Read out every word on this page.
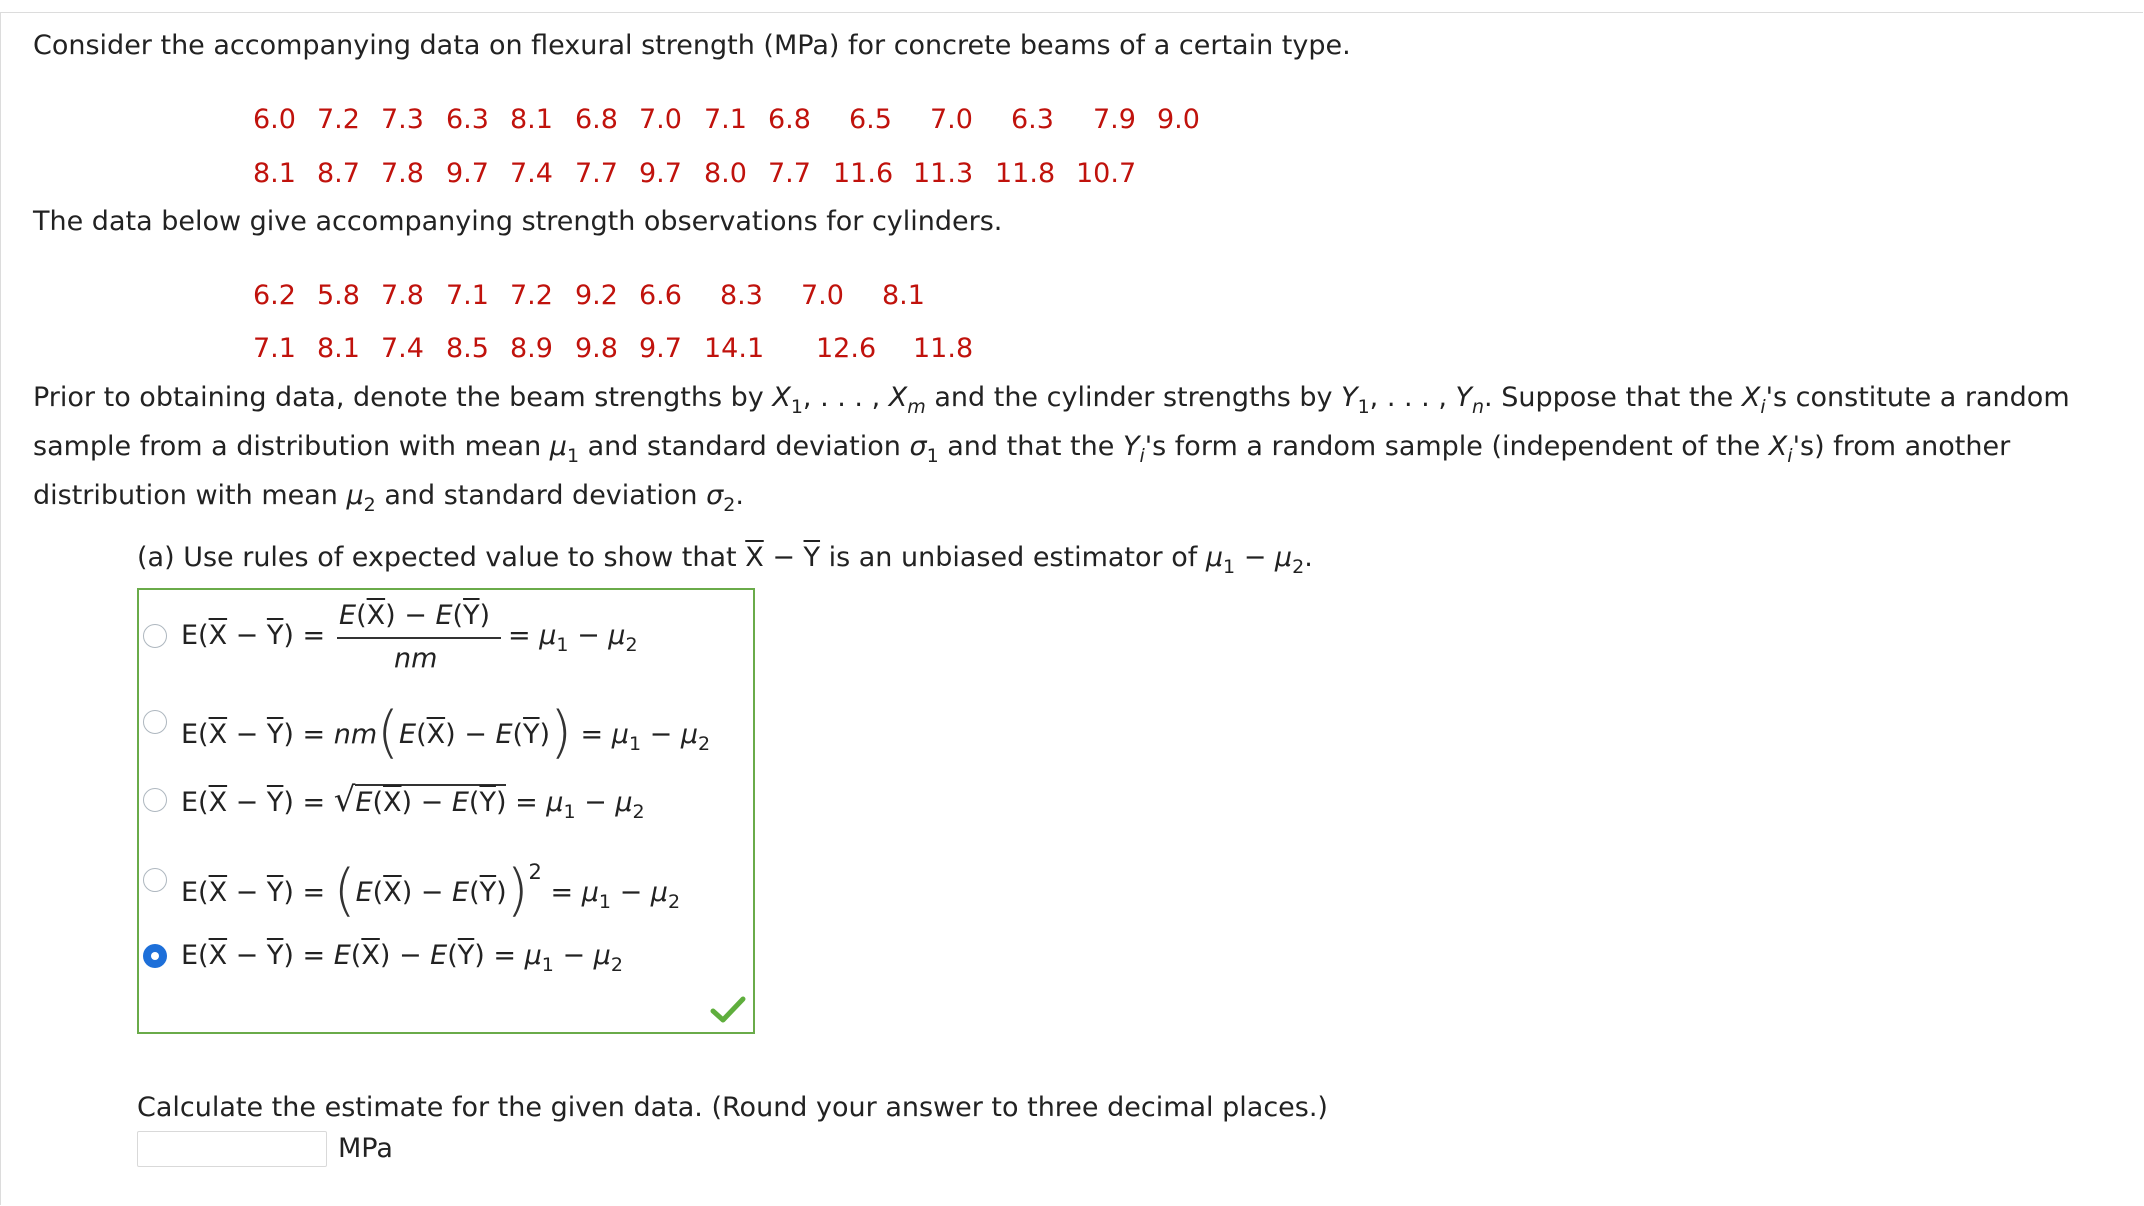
Consider the accompanying data on flexural strength (MPa) for concrete beams of a certain type.
6.0 7.2 7.3 6.3 8.1 6.8 7.0 7.1 6.8 6.5 7.0 6.3 7.9 9.0
8.1 8.7 7.8 9.7 7.4 7.7 9.7 8.0 7.7 11.6 11.3 11.8 10.7
The data below give accompanying strength observations for cylinders.
6.2 5.8 7.8 7.1 7.2 9.2 6.6 8.3 7.0 8.1
7.1 8.1 7.4 8.5 8.9 9.8 9.7 14.1 12.6 11.8
Prior to obtaining data, denote the beam strengths by $X_1$, . . . , $X_m$ and the cylinder strengths by $Y_1$, . . . , $Y_n$. Suppose that the $X_i's$ constitute a random
sample from a distribution with mean $\mu_1$ and standard deviation $\sigma_1$ and that the $Y_i's$ form a random sample (independent of the $X_i's$) from another
distribution with mean $\mu_2$ and standard deviation $\sigma_2$.
(a) Use rules of expected value to show that $\overline{X} - \overline{Y}$ is an unbiased estimator of $\mu_1 - \mu_2$.
$E(\overline{X} - \overline{Y})$ =
$E(\overline{X}) - E(\overline{Y})$
nm
= $\mu_1 - \mu_2$
$E(\overline{X} - \overline{Y}) = nm(E(\overline{X}) - E(\overline{Y})) = \mu_1 - \mu_2$
$E(\overline{X} - \overline{Y}) = √E(\overline{X}) - E(\overline{Y}) = \mu_1 - \mu_2$
$E(\overline{X} - \overline{Y}) = (E(\overline{X}) - E(\overline{Y}))^2 = \mu_1 - \mu_2$
$E(\overline{X} - \overline{Y}) = E(\overline{X}) - E(\overline{Y}) = \mu_1 - \mu_2$
Calculate the estimate for the given data. (Round your answer to three decimal places.)
MPa
